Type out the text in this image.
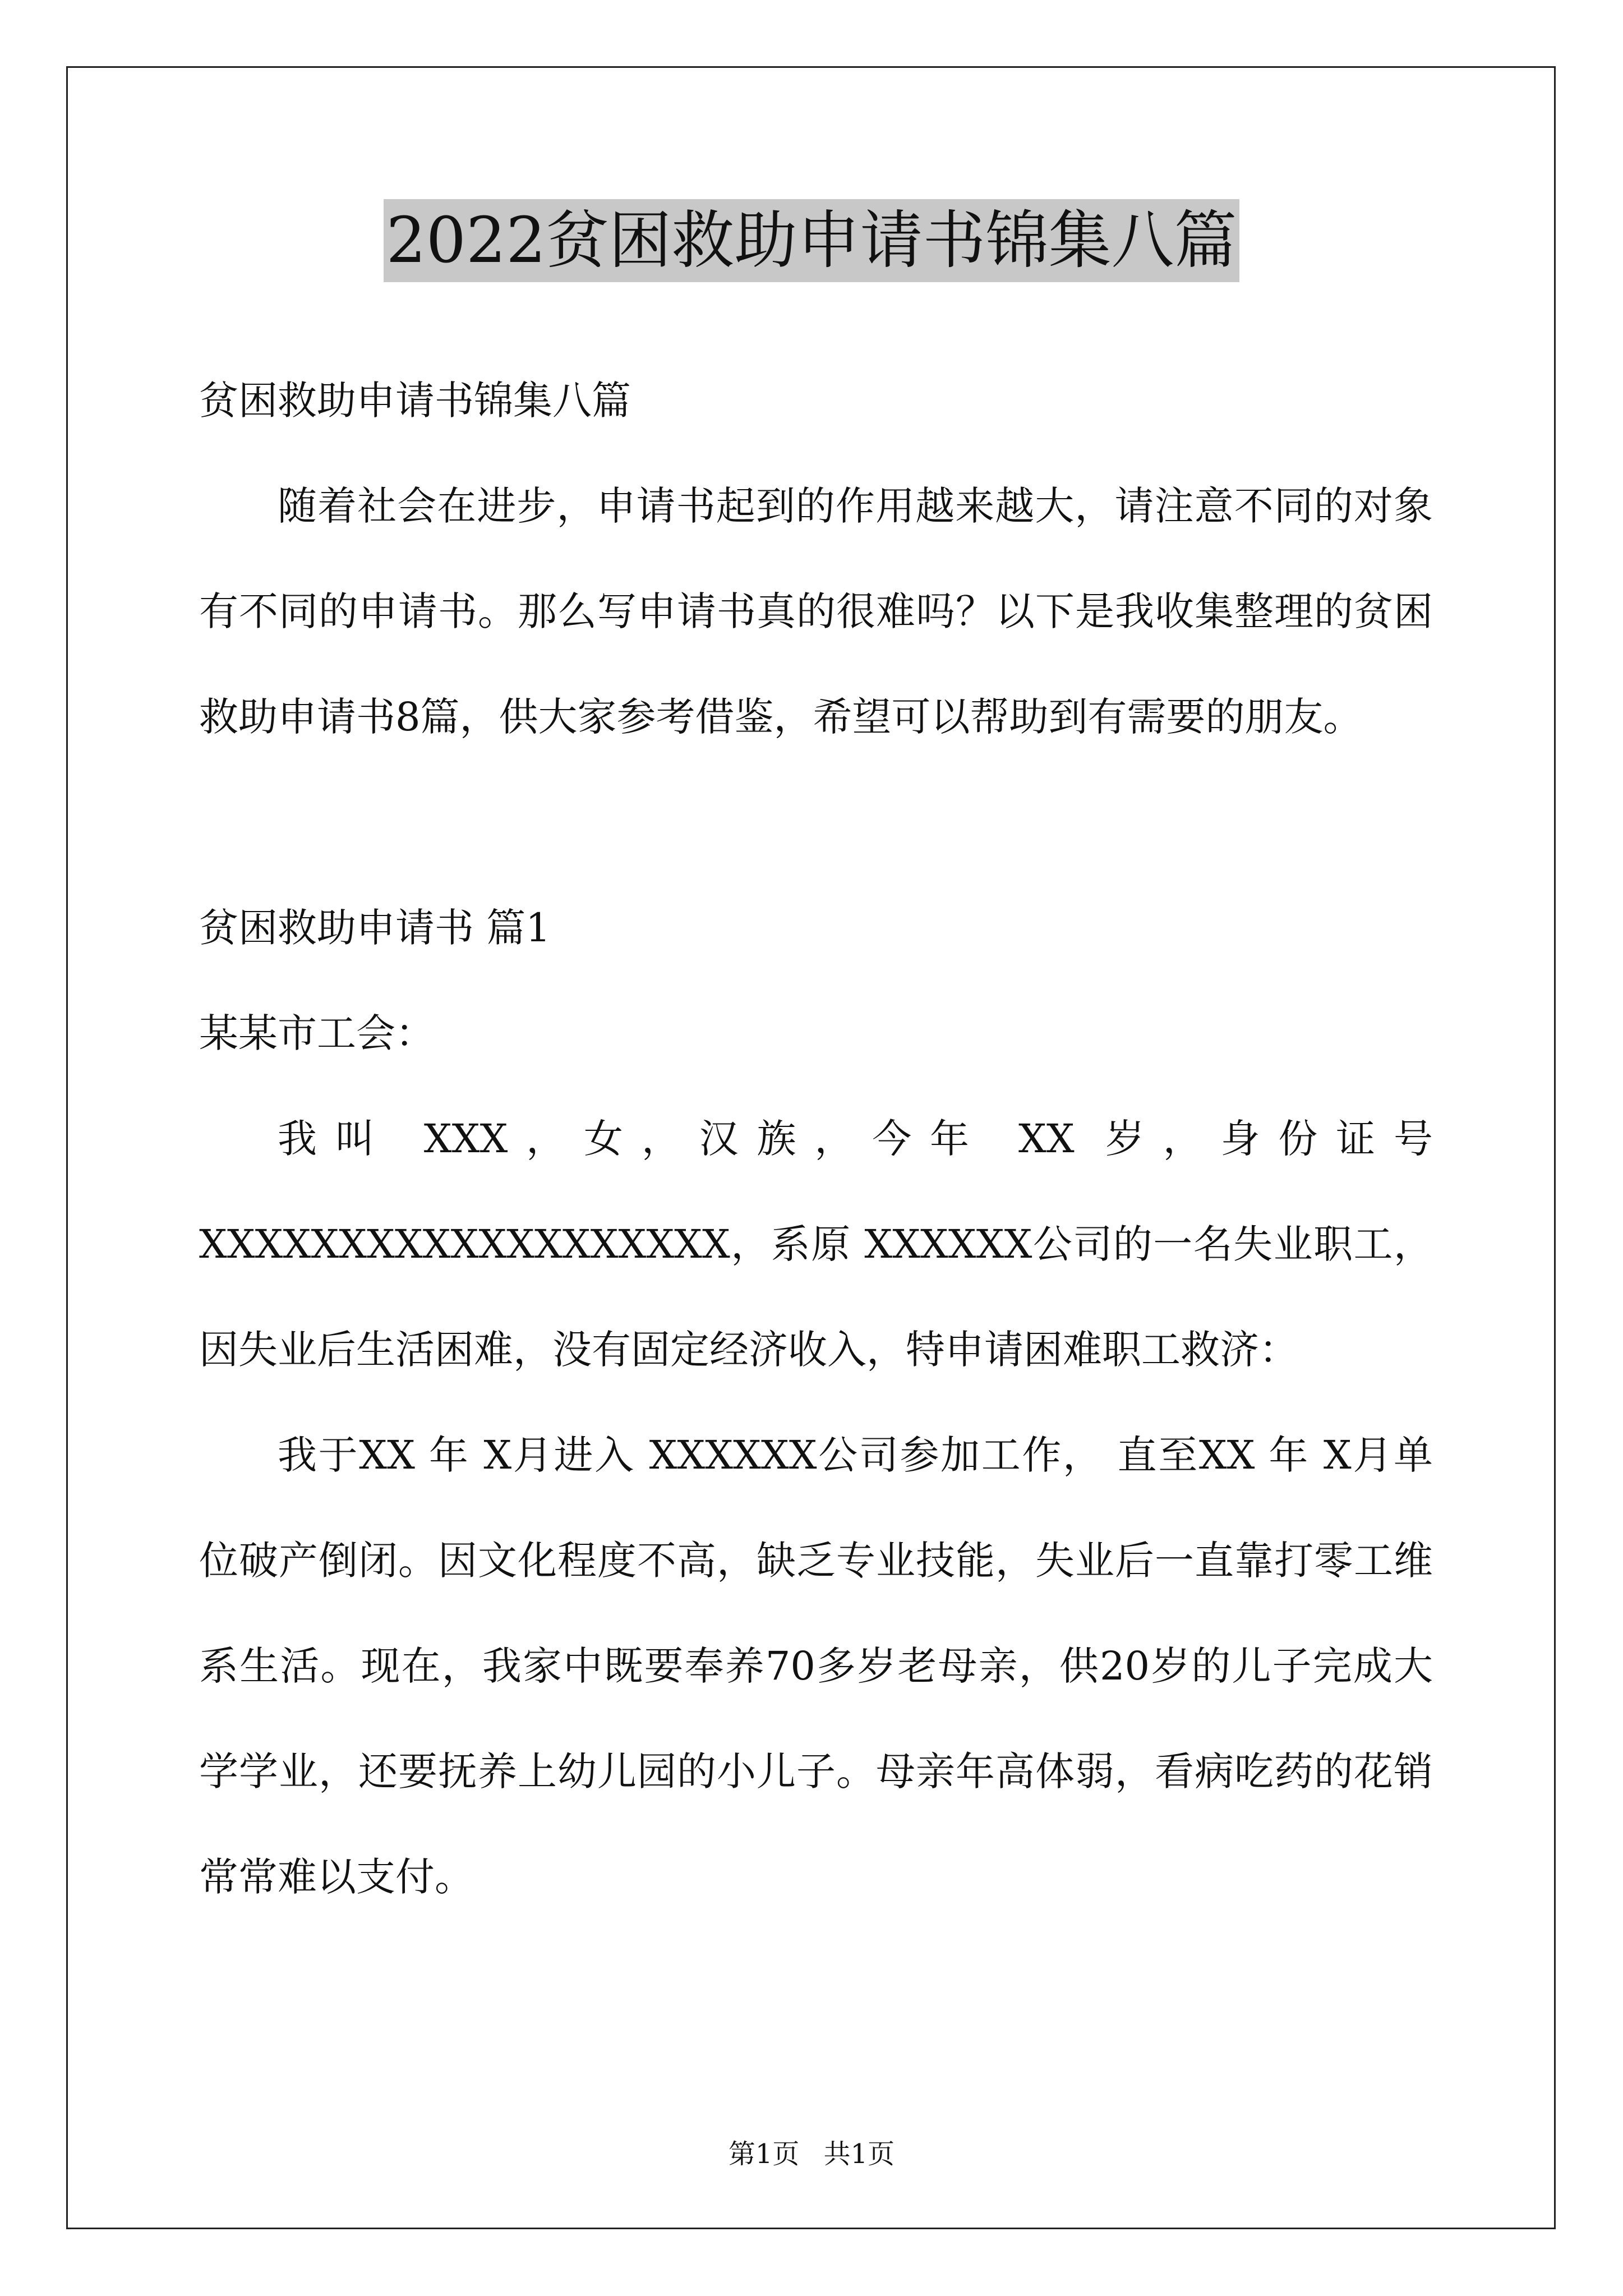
2022贫困救助申请书锦集八篇

贫困救助申请书锦集八篇

随着社会在进步，申请书起到的作用越来越大，请注意不同的对象有不同的申请书。那么写申请书真的很难吗？以下是我收集整理的贫困救助申请书8篇，供大家参考借鉴，希望可以帮助到有需要的朋友。

贫困救助申请书 篇1

某某市工会：

我叫 XXX，女，汉族，今年 XX 岁，身份证号

XXXXXXXXXXXXXXXXXXX，系原 XXXXXX公司的一名失业职工，因失业后生活困难，没有固定经济收入，特申请困难职工救济：

我于XX 年 X月进入 XXXXXX公司参加工作， 直至XX 年 X月单位破产倒闭。因文化程度不高，缺乏专业技能，失业后一直靠打零工维系生活。现在，我家中既要奉养70多岁老母亲，供20岁的儿子完成大学学业，还要抚养上幼儿园的小儿子。母亲年高体弱，看病吃药的花销常常难以支付。

第1页 共1页
